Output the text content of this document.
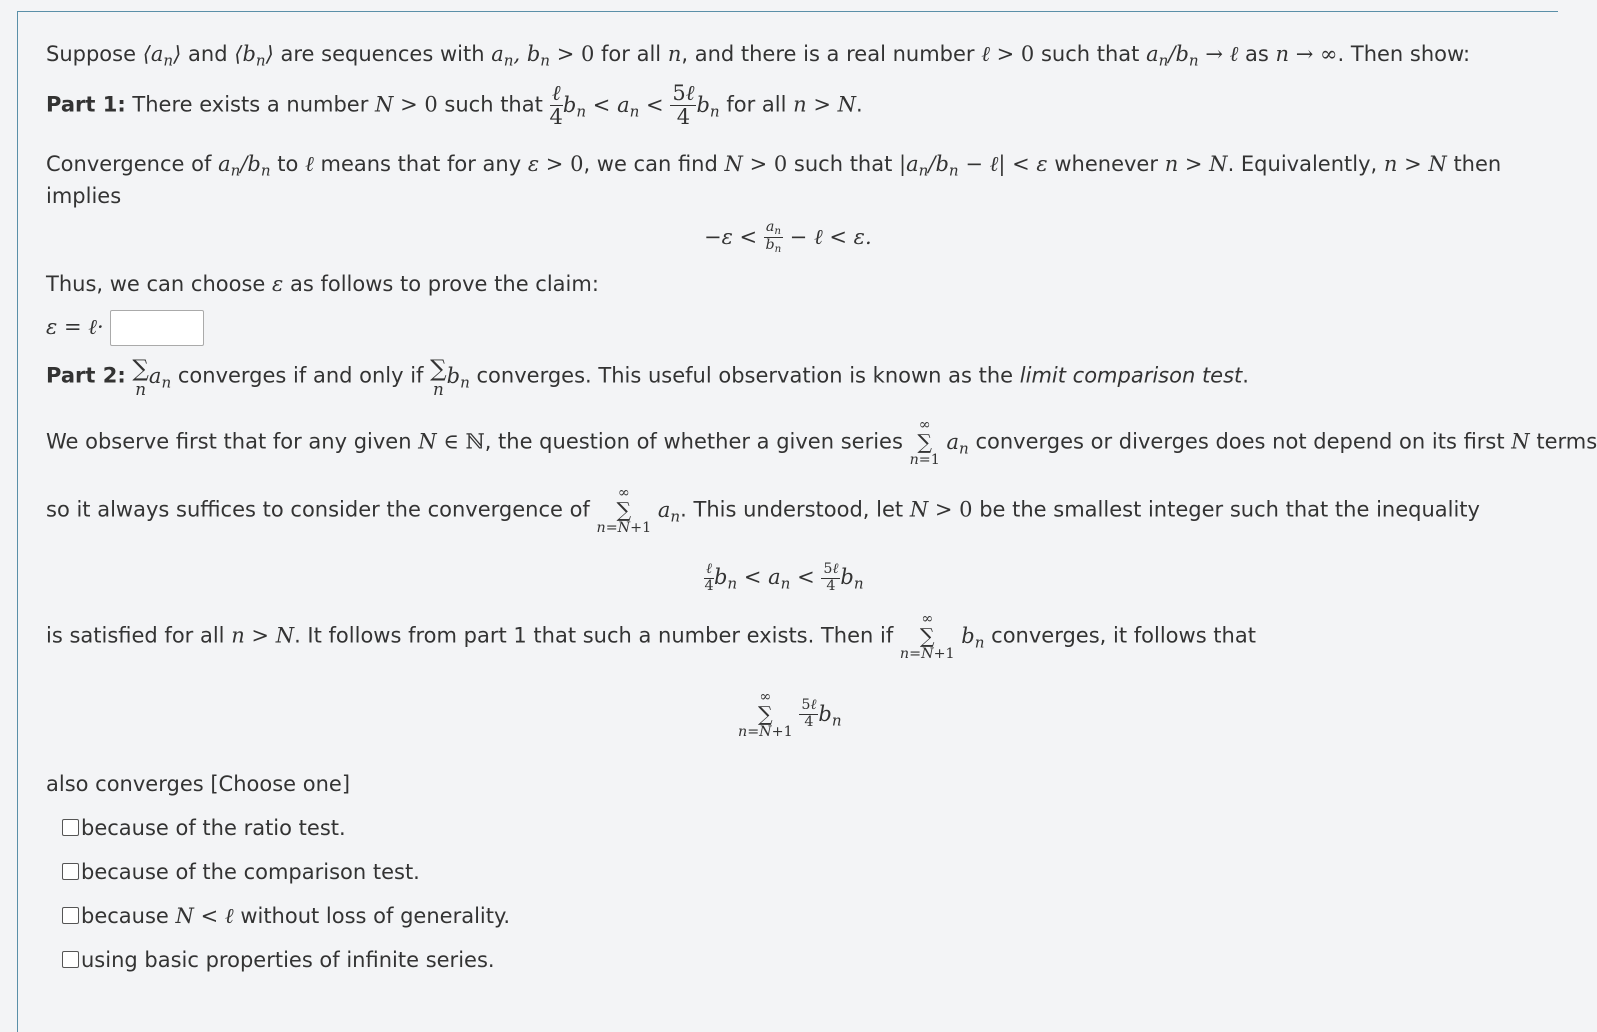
Suppose $⟨a_n⟩$ and $⟨b_n⟩$ are sequences with $a_n$, $b_n > 0$ for all n, and there is a real number ℓ > 0 such that $a_n/b_n$ → ℓ as n → ∞. Then show:
Part 1: There exists a number N > 0 such that $\frac{\text{ℓ}}{4} b_n < a_n < \frac{\text{5ℓ}}{4} b_n$ for all n > N.
Convergence of $a_n/b_n$ to ℓ means that for any ε > 0, we can find N > 0 such that $|a_n/b_n$ − ℓ| < ε whenever n > N. Equivalently, n > N then
implies
$-\varepsilon < \frac{a_n}{b_n}$ − ℓ < ε.
Thus, we can choose ε as follows to prove the claim:
ε = ℓ·
Part 2: ∑
n
$a_n$ converges if and only if ∑
n
$b_n$ converges. This useful observation is known as the limit comparison test.
We observe first that for any given N ∈ ℕ, the question of whether a given series
∞
∑
n=1
$a_n$ converges or diverges does not depend on its first N terms
so it always suffices to consider the convergence of
∞
∑
n=N+1
$a_n$. This understood, let N > 0 be the smallest integer such that the inequality
$\frac{\text{ℓ}}{4} b_n < a_n < \frac{\text{5ℓ}}{4} b_n$
is satisfied for all n > N. It follows from part 1 that such a number exists. Then if
∞
∑
n=N+1
$b_n$ converges, it follows that
∞
∑
n=N+1

$\frac{\text{5ℓ}}{4} b_n$
also converges [Choose one]
because of the ratio test.
because of the comparison test.
because N < ℓ without loss of generality.
using basic properties of infinite series.
